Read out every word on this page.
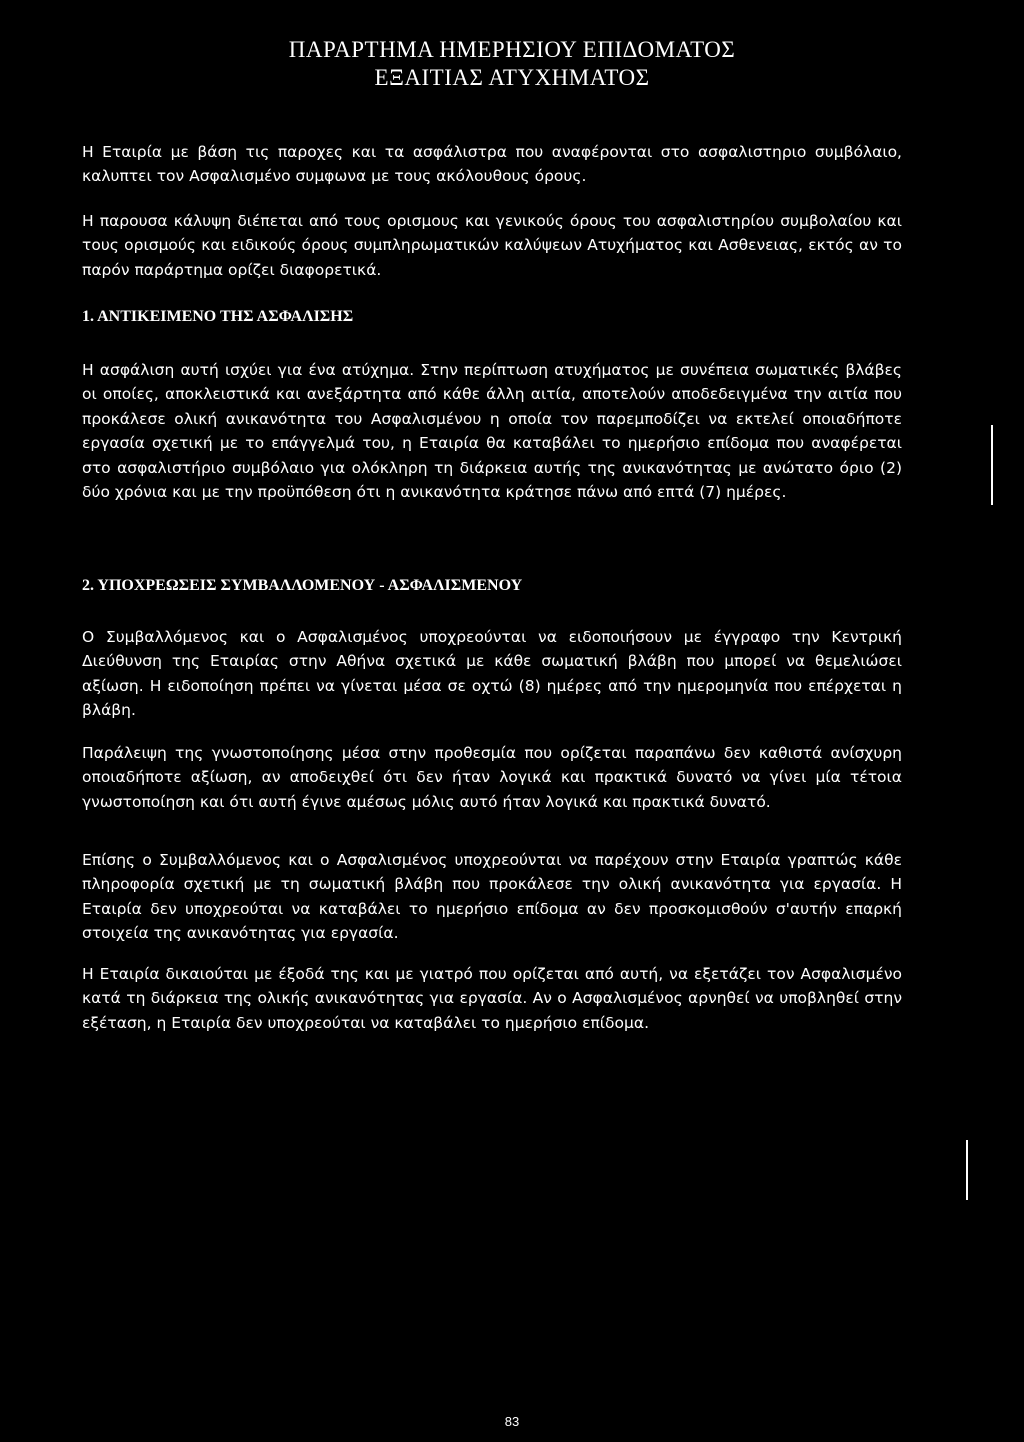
ΠΑΡΑΡΤΗΜΑ ΗΜΕΡΗΣΙΟΥ ΕΠΙΔΟΜΑΤΟΣ
ΕΞΑΙΤΙΑΣ ΑΤΥΧΗΜΑΤΟΣ

Η Εταιρία με βάση τις παροχες και τα ασφάλιστρα που αναφέρονται στο ασφαλιστηριο συμβόλαιο, καλυπτει τον Ασφαλισμένο συμφωνα με τους ακόλουθους όρους.

Η παρουσα κάλυψη διέπεται από τους ορισμους και γενικούς όρους του ασφαλιστηρίου συμβολαίου και τους ορισμούς και ειδικούς όρους συμπληρωματικών καλύψεων Ατυχήματος και Ασθενειας, εκτός αν το παρόν παράρτημα ορίζει διαφορετικά.

1. ΑΝΤΙΚΕΙΜΕΝΟ ΤΗΣ ΑΣΦΑΛΙΣΗΣ

Η ασφάλιση αυτή ισχύει για ένα ατύχημα. Στην περίπτωση ατυχήματος με συνέπεια σωματικές βλάβες οι οποίες, αποκλειστικά και ανεξάρτητα από κάθε άλλη αιτία, αποτελούν αποδεδειγμένα την αιτία που προκάλεσε ολική ανικανότητα του Ασφαλισμένου η οποία τον παρεμποδίζει να εκτελεί οποιαδήποτε εργασία σχετική με το επάγγελμά του, η Εταιρία θα καταβάλει το ημερήσιο επίδομα που αναφέρεται στο ασφαλιστήριο συμβόλαιο για ολόκληρη τη διάρκεια αυτής της ανικανότητας με ανώτατο όριο (2) δύο χρόνια και με την προϋπόθεση ότι η ανικανότητα κράτησε πάνω από επτά (7) ημέρες.

2. ΥΠΟΧΡΕΩΣΕΙΣ ΣΥΜΒΑΛΛΟΜΕΝΟΥ - ΑΣΦΑΛΙΣΜΕΝΟΥ

Ο Συμβαλλόμενος και ο Ασφαλισμένος υποχρεούνται να ειδοποιήσουν με έγγραφο την Κεντρική Διεύθυνση της Εταιρίας στην Αθήνα σχετικά με κάθε σωματική βλάβη που μπορεί να θεμελιώσει αξίωση. Η ειδοποίηση πρέπει να γίνεται μέσα σε οχτώ (8) ημέρες από την ημερομηνία που επέρχεται η βλάβη.

Παράλειψη της γνωστοποίησης μέσα στην προθεσμία που ορίζεται παραπάνω δεν καθιστά ανίσχυρη οποιαδήποτε αξίωση, αν αποδειχθεί ότι δεν ήταν λογικά και πρακτικά δυνατό να γίνει μία τέτοια γνωστοποίηση και ότι αυτή έγινε αμέσως μόλις αυτό ήταν λογικά και πρακτικά δυνατό.

Επίσης ο Συμβαλλόμενος και ο Ασφαλισμένος υποχρεούνται να παρέχουν στην Εταιρία γραπτώς κάθε πληροφορία σχετική με τη σωματική βλάβη που προκάλεσε την ολική ανικανότητα για εργασία. Η Εταιρία δεν υποχρεούται να καταβάλει το ημερήσιο επίδομα αν δεν προσκομισθούν σ'αυτήν επαρκή στοιχεία της ανικανότητας για εργασία.

Η Εταιρία δικαιούται με έξοδά της και με γιατρό που ορίζεται από αυτή, να εξετάζει τον Ασφαλισμένο κατά τη διάρκεια της ολικής ανικανότητας για εργασία. Αν ο Ασφαλισμένος αρνηθεί να υποβληθεί στην εξέταση, η Εταιρία δεν υποχρεούται να καταβάλει το ημερήσιο επίδομα.

83
